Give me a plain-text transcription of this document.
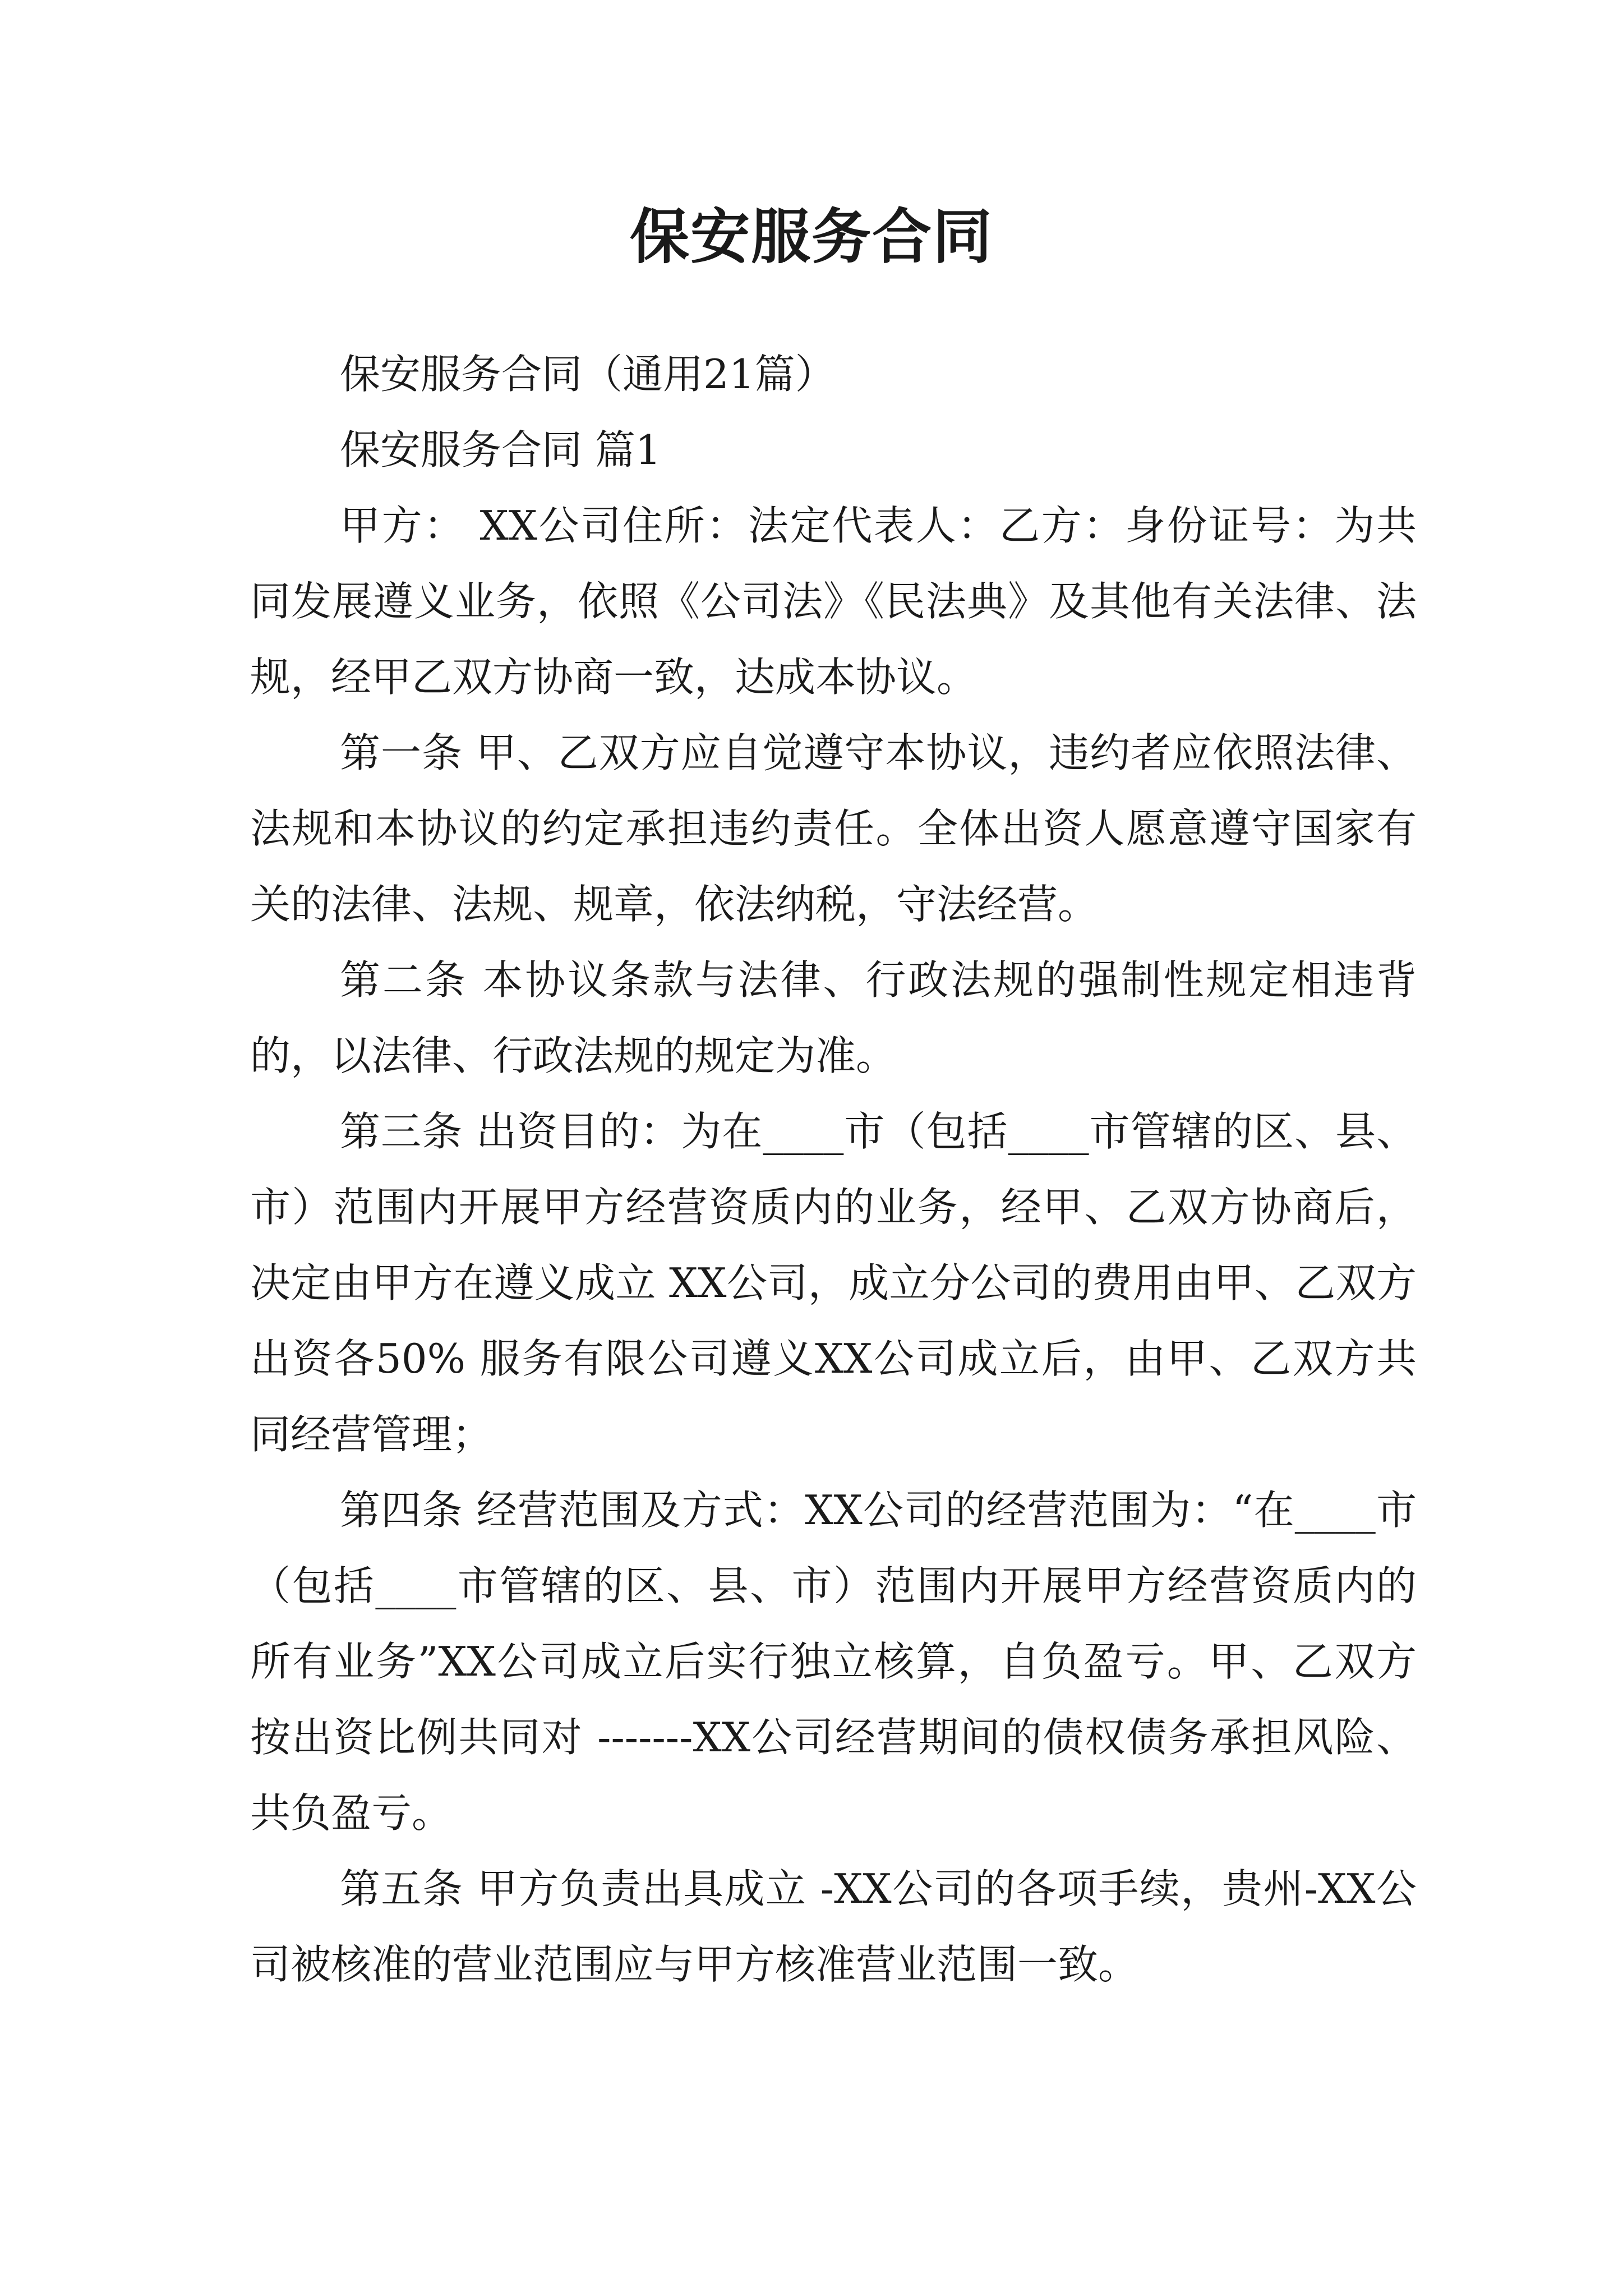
保安服务合同

保安服务合同（通用21篇）

保安服务合同 篇1

甲方： XX公司住所：法定代表人：乙方：身份证号：为共同发展遵义业务，依照《公司法》《民法典》及其他有关法律、法规，经甲乙双方协商一致，达成本协议。

第一条 甲、乙双方应自觉遵守本协议，违约者应依照法律、法规和本协议的约定承担违约责任。全体出资人愿意遵守国家有关的法律、法规、规章，依法纳税，守法经营。

第二条 本协议条款与法律、行政法规的强制性规定相违背的，以法律、行政法规的规定为准。

第三条 出资目的：为在____市（包括____市管辖的区、县、市）范围内开展甲方经营资质内的业务，经甲、乙双方协商后，决定由甲方在遵义成立 XX公司，成立分公司的费用由甲、乙双方出资各50% 服务有限公司遵义XX公司成立后，由甲、乙双方共同经营管理；

第四条 经营范围及方式：XX公司的经营范围为：“在____市（包括____市管辖的区、县、市）范围内开展甲方经营资质内的所有业务”XX公司成立后实行独立核算，自负盈亏。甲、乙双方按出资比例共同对 -------XX公司经营期间的债权债务承担风险、共负盈亏。

第五条 甲方负责出具成立 -XX公司的各项手续，贵州-XX公司被核准的营业范围应与甲方核准营业范围一致。
